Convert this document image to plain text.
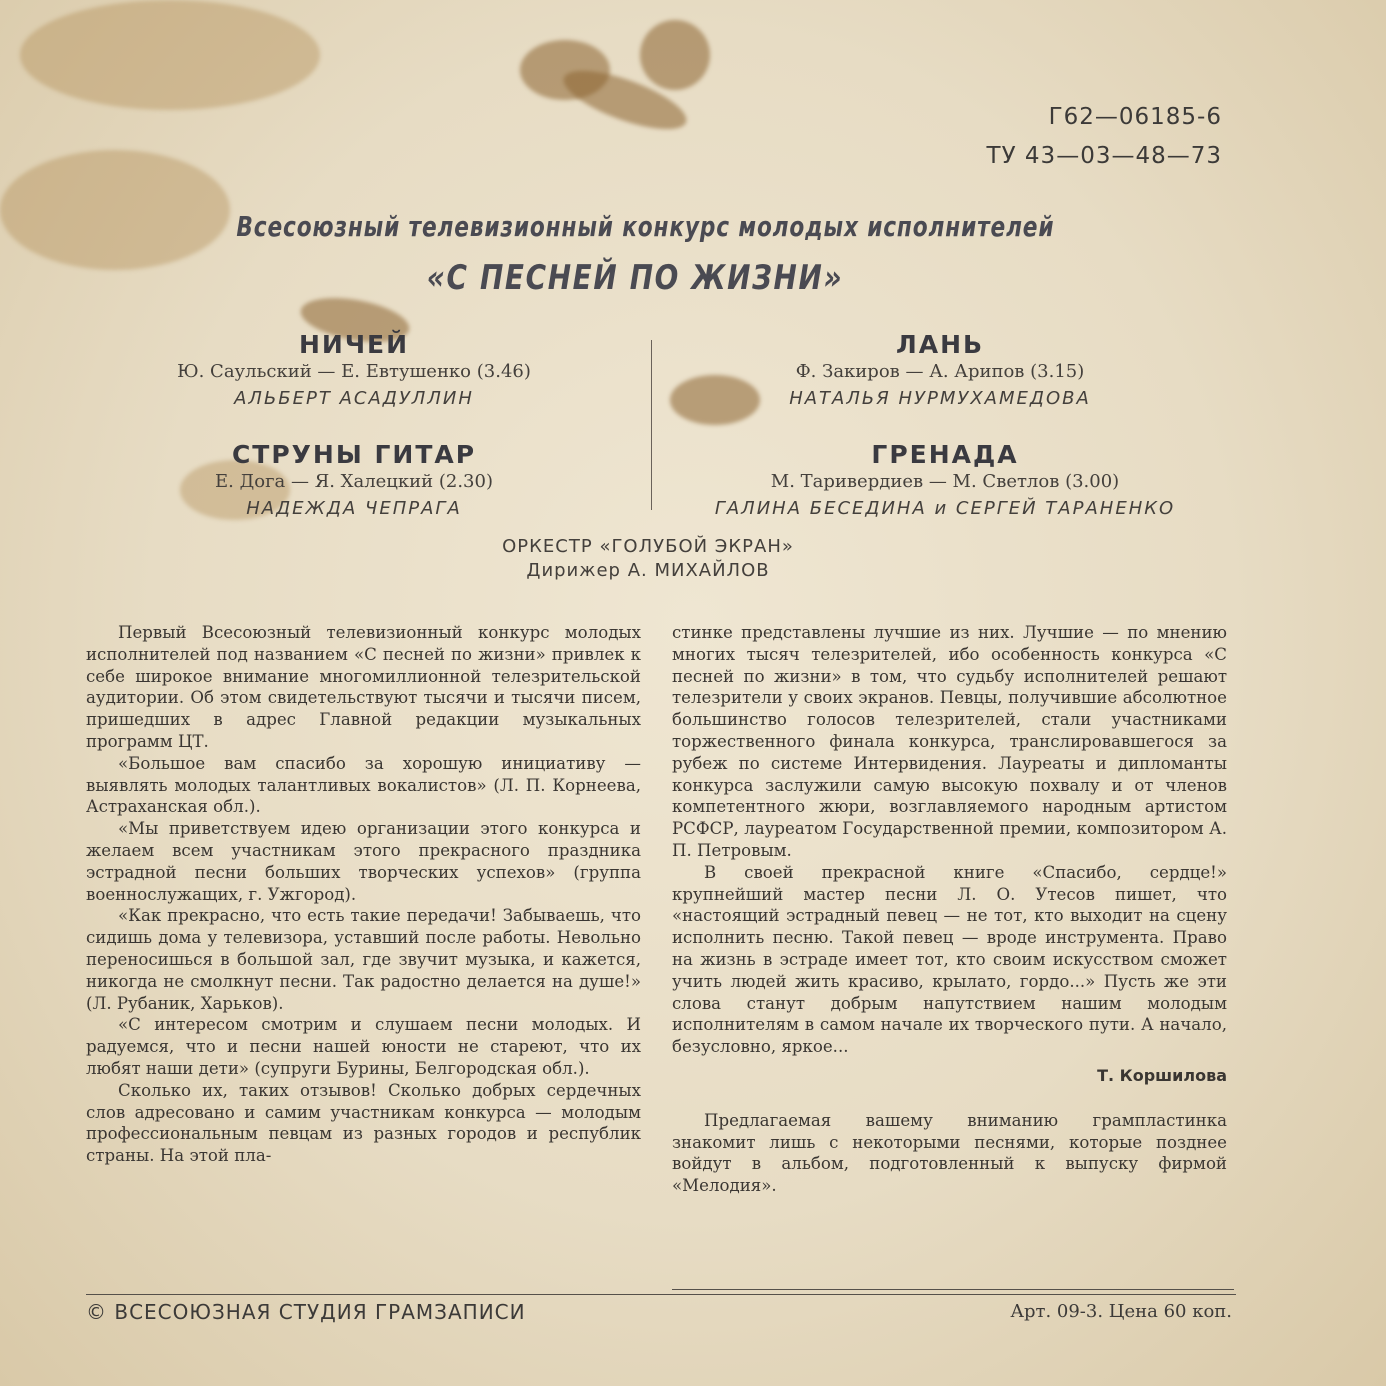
Г62—06185-6
ТУ 43—03—48—73
Всесоюзный телевизионный конкурс молодых исполнителей
«С ПЕСНЕЙ ПО ЖИЗНИ»
НИЧЕЙ
Ю. Саульский — Е. Евтушенко (3.46)
АЛЬБЕРТ АСАДУЛЛИН
СТРУНЫ ГИТАР
Е. Дога — Я. Халецкий (2.30)
НАДЕЖДА ЧЕПРАГА
ЛАНЬ
Ф. Закиров — А. Арипов (3.15)
НАТАЛЬЯ НУРМУХАМЕДОВА
ГРЕНАДА
М. Таривердиев — М. Светлов (3.00)
ГАЛИНА БЕСЕДИНА и СЕРГЕЙ ТАРАНЕНКО
ОРКЕСТР «ГОЛУБОЙ ЭКРАН»
Дирижер А. МИХАЙЛОВ

Первый Всесоюзный телевизионный конкурс молодых исполнителей под названием «С песней по жизни» привлек к себе широкое внимание многомиллионной телезрительской аудитории. Об этом свидетельствуют тысячи и тысячи писем, пришедших в адрес Главной редакции музыкальных программ ЦТ.

«Большое вам спасибо за хорошую инициативу — выявлять молодых талантливых вокалистов» (Л. П. Корнеева, Астраханская обл.).

«Мы приветствуем идею организации этого конкурса и желаем всем участникам этого прекрасного праздника эстрадной песни больших творческих успехов» (группа военнослужащих, г. Ужгород).

«Как прекрасно, что есть такие передачи! Забываешь, что сидишь дома у телевизора, уставший после работы. Невольно переносишься в большой зал, где звучит музыка, и кажется, никогда не смолкнут песни. Так радостно делается на душе!» (Л. Рубаник, Харьков).

«С интересом смотрим и слушаем песни молодых. И радуемся, что и песни нашей юности не стареют, что их любят наши дети» (супруги Бурины, Белгородская обл.).

Сколько их, таких отзывов! Сколько добрых сердечных слов адресовано и самим участникам конкурса — молодым профессиональным певцам из разных городов и республик страны. На этой пла-

стинке представлены лучшие из них. Лучшие — по мнению многих тысяч телезрителей, ибо особенность конкурса «С песней по жизни» в том, что судьбу исполнителей решают телезрители у своих экранов. Певцы, получившие абсолютное большинство голосов телезрителей, стали участниками торжественного финала конкурса, транслировавшегося за рубеж по системе Интервидения. Лауреаты и дипломанты конкурса заслужили самую высокую похвалу и от членов компетентного жюри, возглавляемого народным артистом РСФСР, лауреатом Государственной премии, композитором А. П. Петровым.

В своей прекрасной книге «Спасибо, сердце!» крупнейший мастер песни Л. О. Утесов пишет, что «настоящий эстрадный певец — не тот, кто выходит на сцену исполнить песню. Такой певец — вроде инструмента. Право на жизнь в эстраде имеет тот, кто своим искусством сможет учить людей жить красиво, крылато, гордо...» Пусть же эти слова станут добрым напутствием нашим молодым исполнителям в самом начале их творческого пути. А начало, безусловно, яркое...

Т. Коршилова

Предлагаемая вашему вниманию грампластинка знакомит лишь с некоторыми песнями, которые позднее войдут в альбом, подготовленный к выпуску фирмой «Мелодия».

© ВСЕСОЮЗНАЯ СТУДИЯ ГРАМЗАПИСИ	Арт. 09-3. Цена 60 коп.
